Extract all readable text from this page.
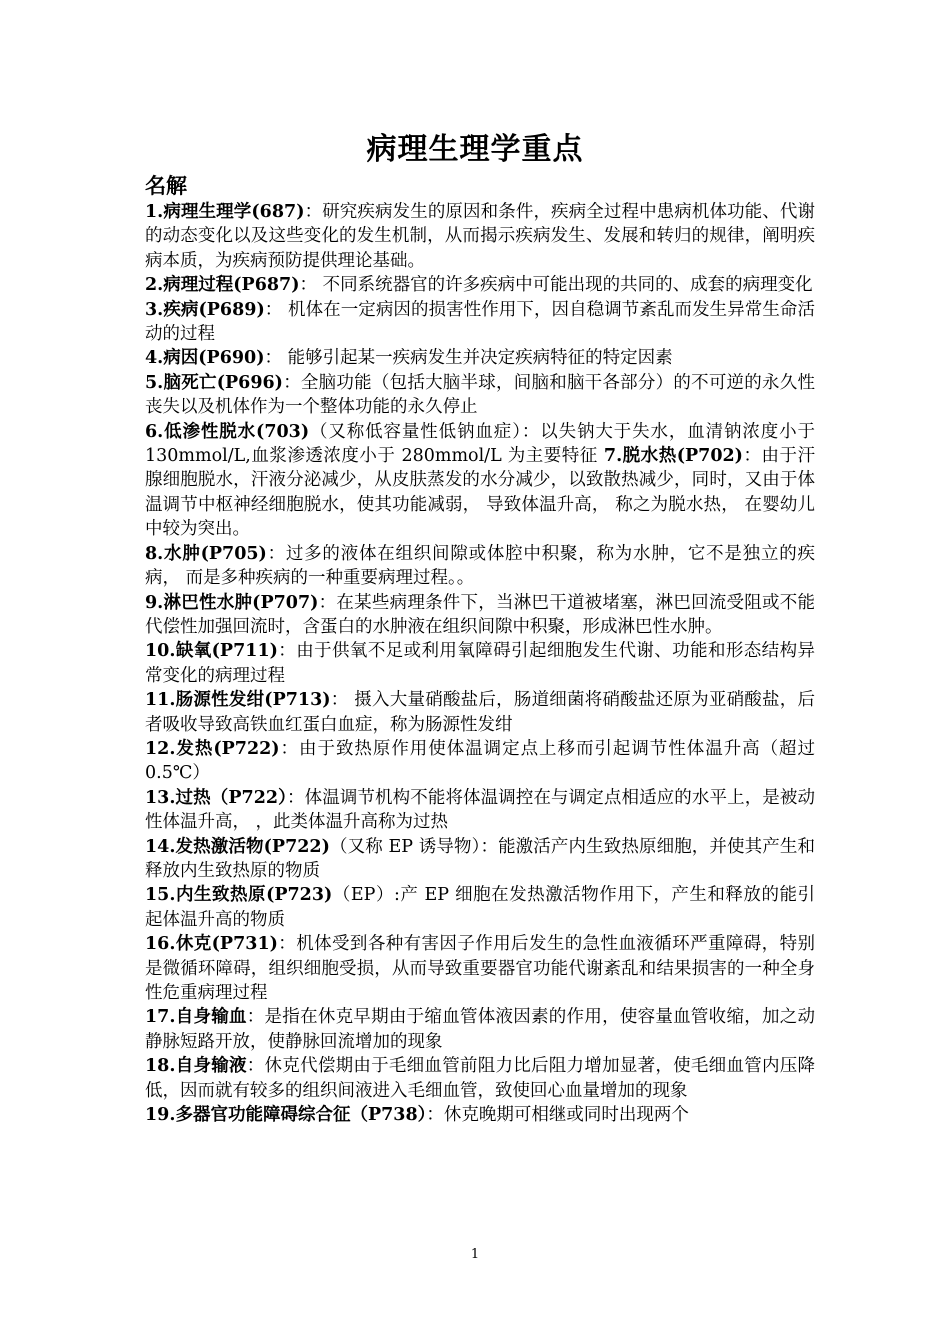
病理生理学重点
名解

1.病理生理学(687)：研究疾病发生的原因和条件，疾病全过程中患病机体功能、代谢的动态变化以及这些变化的发生机制，从而揭示疾病发生、发展和转归的规律，阐明疾病本质，为疾病预防提供理论基础。

2.病理过程(P687)： 不同系统器官的许多疾病中可能出现的共同的、成套的病理变化

3.疾病(P689)： 机体在一定病因的损害性作用下，因自稳调节紊乱而发生异常生命活动的过程

4.病因(P690)： 能够引起某一疾病发生并决定疾病特征的特定因素

5.脑死亡(P696)：全脑功能（包括大脑半球，间脑和脑干各部分）的不可逆的永久性丧失以及机体作为一个整体功能的永久停止

6.低渗性脱水(703)（又称低容量性低钠血症）：以失钠大于失水，血清钠浓度小于 130mmol/L,血浆渗透浓度小于 280mmol/L 为主要特征 7.脱水热(P702)：由于汗腺细胞脱水，汗液分泌减少，从皮肤蒸发的水分减少，以致散热减少，同时，又由于体温调节中枢神经细胞脱水，使其功能减弱， 导致体温升高， 称之为脱水热， 在婴幼儿中较为突出。

8.水肿(P705)：过多的液体在组织间隙或体腔中积聚，称为水肿，它不是独立的疾病， 而是多种疾病的一种重要病理过程。。

9.淋巴性水肿(P707)：在某些病理条件下，当淋巴干道被堵塞，淋巴回流受阻或不能代偿性加强回流时，含蛋白的水肿液在组织间隙中积聚，形成淋巴性水肿。

10.缺氧(P711)：由于供氧不足或利用氧障碍引起细胞发生代谢、功能和形态结构异常变化的病理过程

11.肠源性发绀(P713)： 摄入大量硝酸盐后，肠道细菌将硝酸盐还原为亚硝酸盐，后者吸收导致高铁血红蛋白血症，称为肠源性发绀

12.发热(P722)：由于致热原作用使体温调定点上移而引起调节性体温升高（超过 0.5℃）

13.过热（P722）：体温调节机构不能将体温调控在与调定点相适应的水平上，是被动性体温升高， ，此类体温升高称为过热

14.发热激活物(P722)（又称 EP 诱导物）：能激活产内生致热原细胞，并使其产生和释放内生致热原的物质

15.内生致热原(P723)（EP）:产 EP 细胞在发热激活物作用下，产生和释放的能引起体温升高的物质

16.休克(P731)：机体受到各种有害因子作用后发生的急性血液循环严重障碍，特别是微循环障碍，组织细胞受损，从而导致重要器官功能代谢紊乱和结果损害的一种全身性危重病理过程

17.自身输血：是指在休克早期由于缩血管体液因素的作用，使容量血管收缩，加之动静脉短路开放，使静脉回流增加的现象

18.自身输液：休克代偿期由于毛细血管前阻力比后阻力增加显著，使毛细血管内压降低，因而就有较多的组织间液进入毛细血管，致使回心血量增加的现象

19.多器官功能障碍综合征（P738）：休克晚期可相继或同时出现两个

1
